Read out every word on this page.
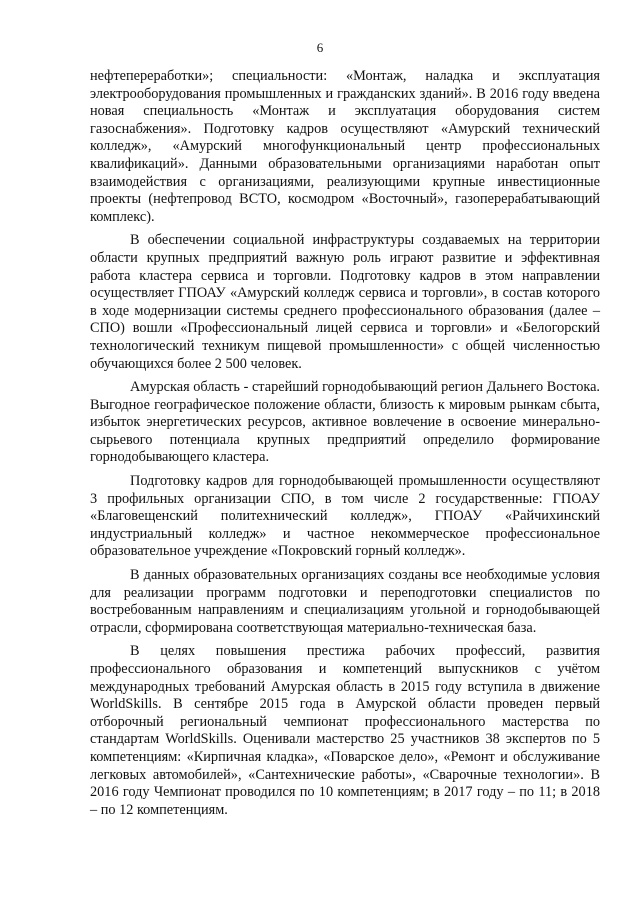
6

нефтепереработки»; специальности: «Монтаж, наладка и эксплуатация электрооборудования промышленных и гражданских зданий». В 2016 году введена новая специальность «Монтаж и эксплуатация оборудования систем газоснабжения». Подготовку кадров осуществляют «Амурский технический колледж», «Амурский многофункциональный центр профессиональных квалификаций». Данными образовательными организациями наработан опыт взаимодействия с организациями, реализующими крупные инвестиционные проекты (нефтепровод ВСТО, космодром «Восточный», газоперерабатывающий комплекс).

В обеспечении социальной инфраструктуры создаваемых на территории области крупных предприятий важную роль играют развитие и эффективная работа кластера сервиса и торговли. Подготовку кадров в этом направлении осуществляет ГПОАУ «Амурский колледж сервиса и торговли», в состав которого в ходе модернизации системы среднего профессионального образования (далее – СПО) вошли «Профессиональный лицей сервиса и торговли» и «Белогорский технологический техникум пищевой промышленности» с общей численностью обучающихся более 2 500 человек.

Амурская область - старейший горнодобывающий регион Дальнего Востока. Выгодное географическое положение области, близость к мировым рынкам сбыта, избыток энергетических ресурсов, активное вовлечение в освоение минерально-сырьевого потенциала крупных предприятий определило формирование горнодобывающего кластера.

Подготовку кадров для горнодобывающей промышленности осуществляют 3 профильных организации СПО, в том числе 2 государственные: ГПОАУ «Благовещенский политехнический колледж», ГПОАУ «Райчихинский индустриальный колледж» и частное некоммерческое профессиональное образовательное учреждение «Покровский горный колледж».

В данных образовательных организациях созданы все необходимые условия для реализации программ подготовки и переподготовки специалистов по востребованным направлениям и специализациям угольной и горнодобывающей отрасли, сформирована соответствующая материально-техническая база.

В целях повышения престижа рабочих профессий, развития профессионального образования и компетенций выпускников с учётом международных требований Амурская область в 2015 году вступила в движение WorldSkills. В сентябре 2015 года в Амурской области проведен первый отборочный региональный чемпионат профессионального мастерства по стандартам WorldSkills. Оценивали мастерство 25 участников 38 экспертов по 5 компетенциям: «Кирпичная кладка», «Поварское дело», «Ремонт и обслуживание легковых автомобилей», «Сантехнические работы», «Сварочные технологии». В 2016 году Чемпионат проводился по 10 компетенциям; в 2017 году – по 11; в 2018 – по 12 компетенциям.
